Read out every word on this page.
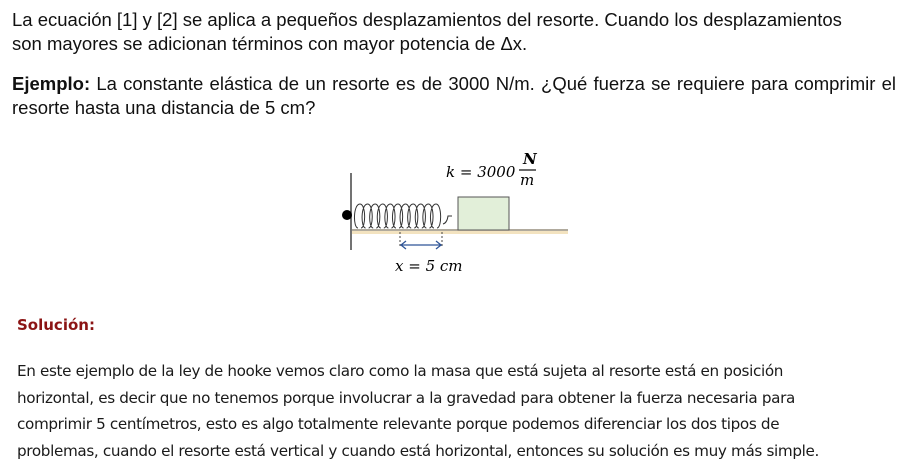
La ecuación [1] y [2] se aplica a pequeños desplazamientos del resorte. Cuando los desplazamientos
son mayores se adicionan términos con mayor potencia de Δx.
Ejemplo: La constante elástica de un resorte es de 3000 N/m. ¿Qué fuerza se requiere para comprimir el resorte hasta una distancia de 5 cm?
k = 3000
N
m
x = 5 cm
Solución:
En este ejemplo de la ley de hooke vemos claro como la masa que está sujeta al resorte está en posición
horizontal, es decir que no tenemos porque involucrar a la gravedad para obtener la fuerza necesaria para
comprimir 5 centímetros, esto es algo totalmente relevante porque podemos diferenciar los dos tipos de
problemas, cuando el resorte está vertical y cuando está horizontal, entonces su solución es muy más simple.
